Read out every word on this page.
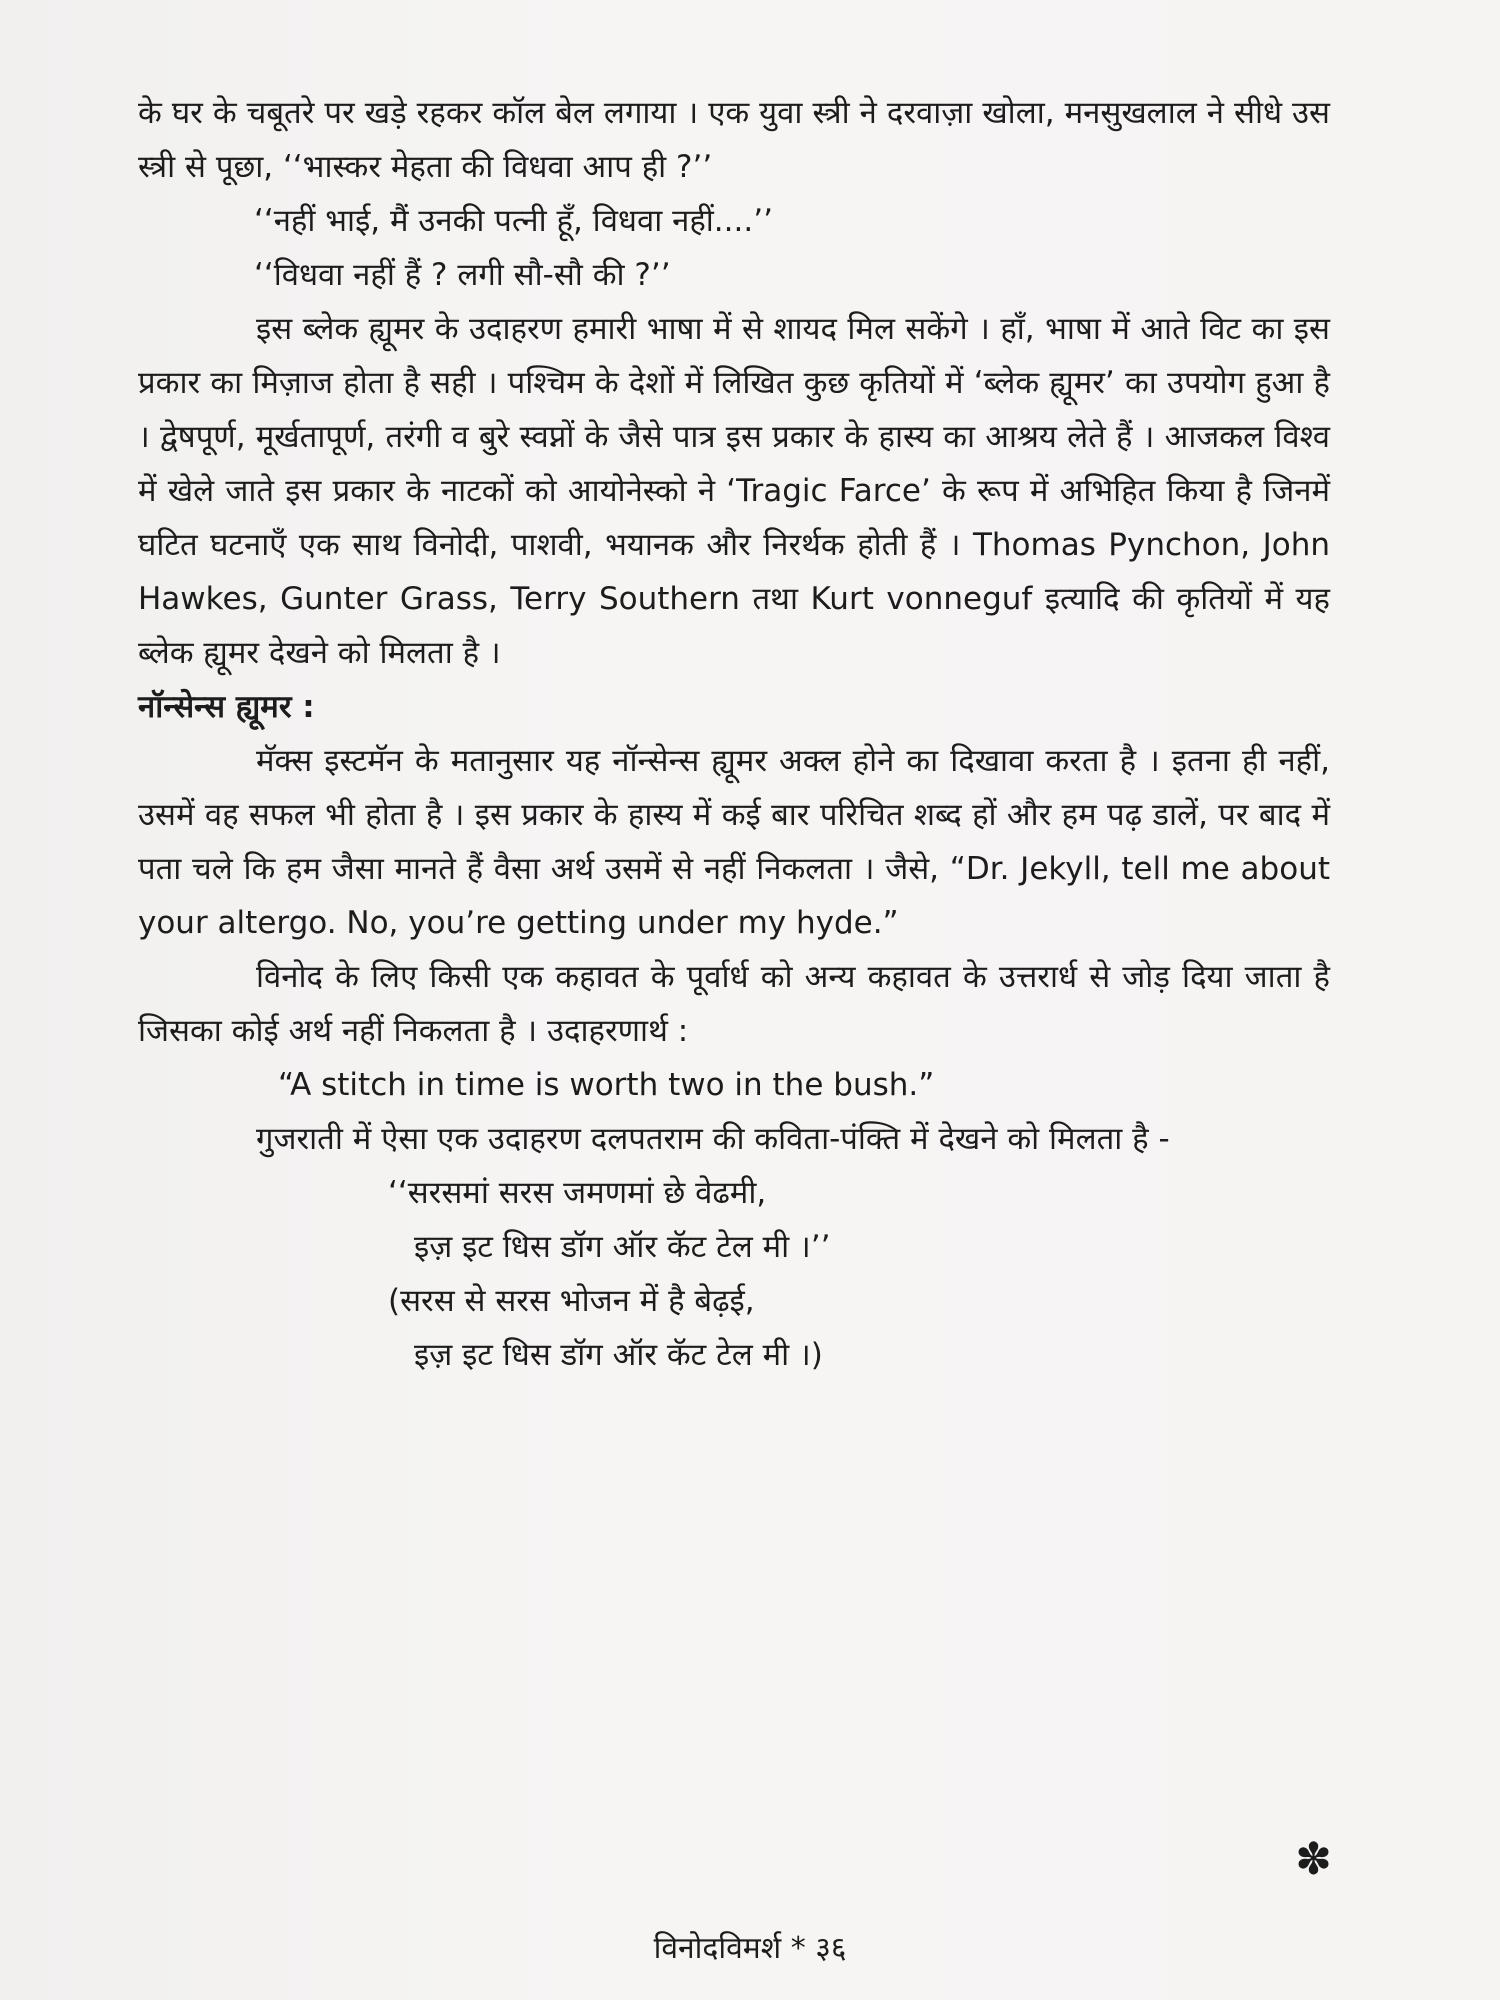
के घर के चबूतरे पर खड़े रहकर कॉल बेल लगाया । एक युवा स्त्री ने दरवाज़ा खोला, मनसुखलाल ने सीधे उस स्त्री से पूछा, ‘‘भास्कर मेहता की विधवा आप ही ?’’

‘‘नहीं भाई, मैं उनकी पत्नी हूँ, विधवा नहीं....’’

‘‘विधवा नहीं हैं ? लगी सौ-सौ की ?’’

इस ब्लेक ह्यूमर के उदाहरण हमारी भाषा में से शायद मिल सकेंगे । हाँ, भाषा में आते विट का इस प्रकार का मिज़ाज होता है सही । पश्चिम के देशों में लिखित कुछ कृतियों में ‘ब्लेक ह्यूमर’ का उपयोग हुआ है । द्वेषपूर्ण, मूर्खतापूर्ण, तरंगी व बुरे स्वप्नों के जैसे पात्र इस प्रकार के हास्य का आश्रय लेते हैं । आजकल विश्व में खेले जाते इस प्रकार के नाटकों को आयोनेस्को ने ‘Tragic Farce’ के रूप में अभिहित किया है जिनमें घटित घटनाएँ एक साथ विनोदी, पाशवी, भयानक और निरर्थक होती हैं । Thomas Pynchon, John Hawkes, Gunter Grass, Terry Southern तथा Kurt vonneguf इत्यादि की कृतियों में यह ब्लेक ह्यूमर देखने को मिलता है ।

नॉन्सेन्स ह्यूमर :

मॅक्स इस्टमॅन के मतानुसार यह नॉन्सेन्स ह्यूमर अक्ल होने का दिखावा करता है । इतना ही नहीं, उसमें वह सफल भी होता है । इस प्रकार के हास्य में कई बार परिचित शब्द हों और हम पढ़ डालें, पर बाद में पता चले कि हम जैसा मानते हैं वैसा अर्थ उसमें से नहीं निकलता । जैसे, “Dr. Jekyll, tell me about your altergo. No, you’re getting under my hyde.”

विनोद के लिए किसी एक कहावत के पूर्वार्ध को अन्य कहावत के उत्तरार्ध से जोड़ दिया जाता है जिसका कोई अर्थ नहीं निकलता है । उदाहरणार्थ :

“A stitch in time is worth two in the bush.”

गुजराती में ऐसा एक उदाहरण दलपतराम की कविता-पंक्ति में देखने को मिलता है -

‘‘सरसमां सरस जमणमां छे वेढमी,

इज़ इट धिस डॉग ऑर कॅट टेल मी ।’’

(सरस से सरस भोजन में है बेढ़ई,

इज़ इट धिस डॉग ऑर कॅट टेल मी ।)

✽
विनोदविमर्श * ३६
